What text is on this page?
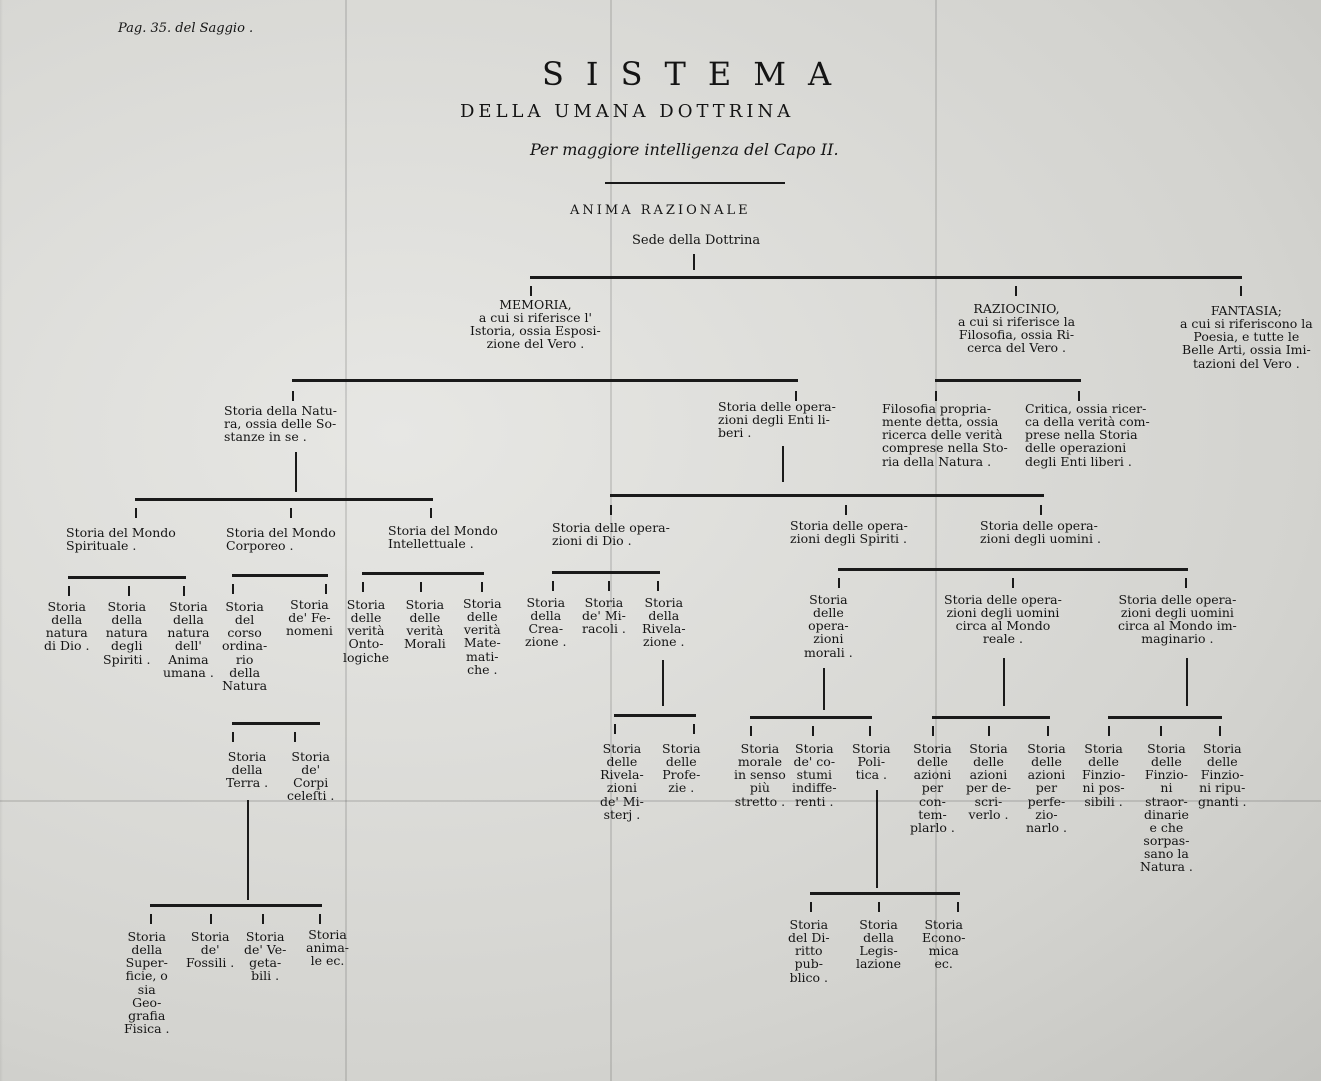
Pag. 35. del Saggio .
SISTEMA
DELLA UMANA DOTTRINA
Per maggiore intelligenza del Capo II.
ANIMA RAZIONALE
Sede della Dottrina
MEMORIA,
a cui si riferisce l'
Istoria, ossia Esposi-
zione del Vero .
RAZIOCINIO,
a cui si riferisce la
Filosofia, ossia Ri-
cerca del Vero .
FANTASIA;
a cui si riferiscono la
Poesia, e tutte le
Belle Arti, ossia Imi-
tazioni del Vero .
Storia della Natu-
ra, ossia delle So-
stanze in se .
Storia delle opera-
zioni degli Enti li-
beri .
Filosofia propria-
mente detta, ossia
ricerca delle verità
comprese nella Sto-
ria della Natura .
Critica, ossia ricer-
ca della verità com-
prese nella Storia
delle operazioni
degli Enti liberi .
Storia del Mondo
Spirituale .
Storia del Mondo
Corporeo .
Storia del Mondo
Intellettuale .
Storia delle opera-
zioni di Dio .
Storia delle opera-
zioni degli Spiriti .
Storia delle opera-
zioni degli uomini .
Storia
della
natura
di Dio .
Storia
della
natura
degli
Spiriti .
Storia
della
natura
dell'
Anima
umana .
Storia
del
corso
ordina-
rio
della
Natura
Storia
de' Fe-
nomeni
Storia
delle
verità
Onto-
logiche
Storia
delle
verità
Morali
Storia
delle
verità
Mate-
mati-
che .
Storia
della
Crea-
zione .
Storia
de' Mi-
racoli .
Storia
della
Rivela-
zione .
Storia
delle
opera-
zioni
morali .
Storia delle opera-
zioni degli uomini
circa al Mondo
reale .
Storia delle opera-
zioni degli uomini
circa al Mondo im-
maginario .
Storia
della
Terra .
Storia
de'
Corpi
celeſti .
Storia
delle
Rivela-
zioni
de' Mi-
sterj .
Storia
delle
Profe-
zie .
Storia
morale
in senso
più
stretto .
Storia
de' co-
stumi
indiffe-
renti .
Storia
Poli-
tica .
Storia
delle
azioni
per
con-
tem-
plarlo .
Storia
delle
azioni
per de-
scri-
verlo .
Storia
delle
azioni
per
perfe-
zio-
narlo .
Storia
delle
Finzio-
ni pos-
sibili .
Storia
delle
Finzio-
ni
straor-
dinarie
e che
sorpas-
sano la
Natura .
Storia
delle
Finzio-
ni ripu-
gnanti .
Storia
della
Super-
ficie, o
sia
Geo-
grafia
Fisica .
Storia
de'
Fossili .
Storia
de' Ve-
geta-
bili .
Storia
anima-
le ec.
Storia
del Di-
ritto
pub-
blico .
Storia
della
Legis-
lazione
Storia
Econo-
mica
ec.
